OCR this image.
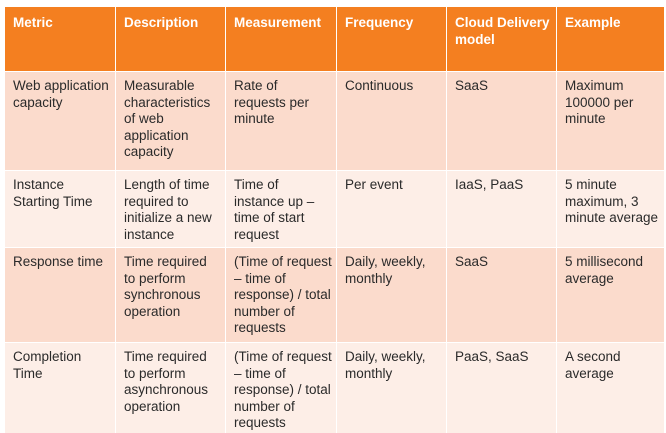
Metric	Description	Measurement	Frequency	Cloud Delivery model	Example
Web application capacity	Measurable characteristics of web application capacity	Rate of requests per minute	Continuous	SaaS	Maximum 100000 per minute
Instance Starting Time	Length of time required to initialize a new instance	Time of instance up – time of start request	Per event	IaaS, PaaS	5 minute maximum, 3 minute average
Response time	Time required to perform synchronous operation	(Time of request – time of response) / total number of requests	Daily, weekly, monthly	SaaS	5 millisecond average
Completion Time	Time required to perform asynchronous operation	(Time of request – time of response) / total number of requests	Daily, weekly, monthly	PaaS, SaaS	A second average
